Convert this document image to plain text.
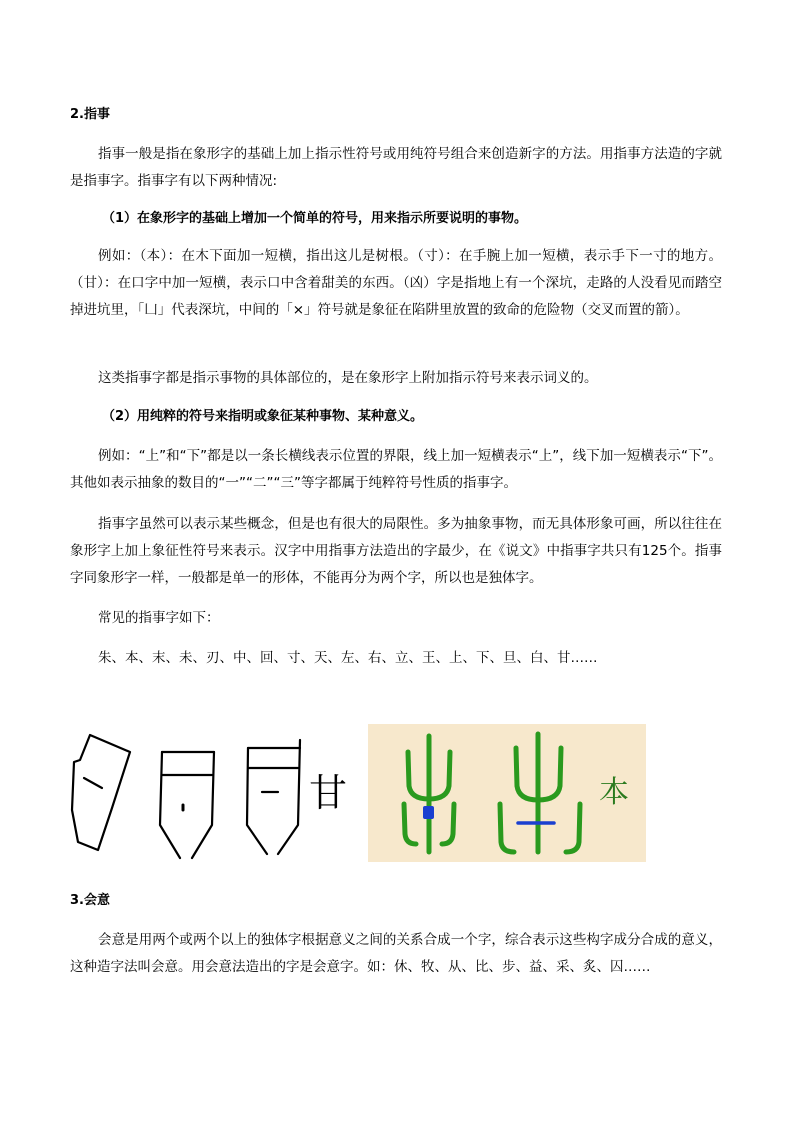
2.指事

指事一般是指在象形字的基础上加上指示性符号或用纯符号组合来创造新字的方法。用指事方法造的字就是指事字。指事字有以下两种情况:

（1）在象形字的基础上增加一个简单的符号，用来指示所要说明的事物。

例如：（本）：在木下面加一短横，指出这儿是树根。（寸）：在手腕上加一短横，表示手下一寸的地方。（甘）：在口字中加一短横，表示口中含着甜美的东西。（凶）字是指地上有一个深坑，走路的人没看见而踏空掉进坑里，「凵」代表深坑，中间的「×」符号就是象征在陷阱里放置的致命的危险物（交叉而置的箭）。

这类指事字都是指示事物的具体部位的，是在象形字上附加指示符号来表示词义的。

（2）用纯粹的符号来指明或象征某种事物、某种意义。

例如：“上”和“下”都是以一条长横线表示位置的界限，线上加一短横表示“上”，线下加一短横表示“下”。其他如表示抽象的数目的“一”“二”“三”等字都属于纯粹符号性质的指事字。

指事字虽然可以表示某些概念，但是也有很大的局限性。多为抽象事物，而无具体形象可画，所以往往在象形字上加上象征性符号来表示。汉字中用指事方法造出的字最少，在《说文》中指事字共只有125个。指事字同象形字一样，一般都是单一的形体，不能再分为两个字，所以也是独体字。

常见的指事字如下：

朱、本、末、未、刃、中、回、寸、天、左、右、立、王、上、下、旦、白、甘……

甘	本
3.会意

会意是用两个或两个以上的独体字根据意义之间的关系合成一个字，综合表示这些构字成分合成的意义，这种造字法叫会意。用会意法造出的字是会意字。如：休、牧、从、比、步、益、采、炙、囚……
